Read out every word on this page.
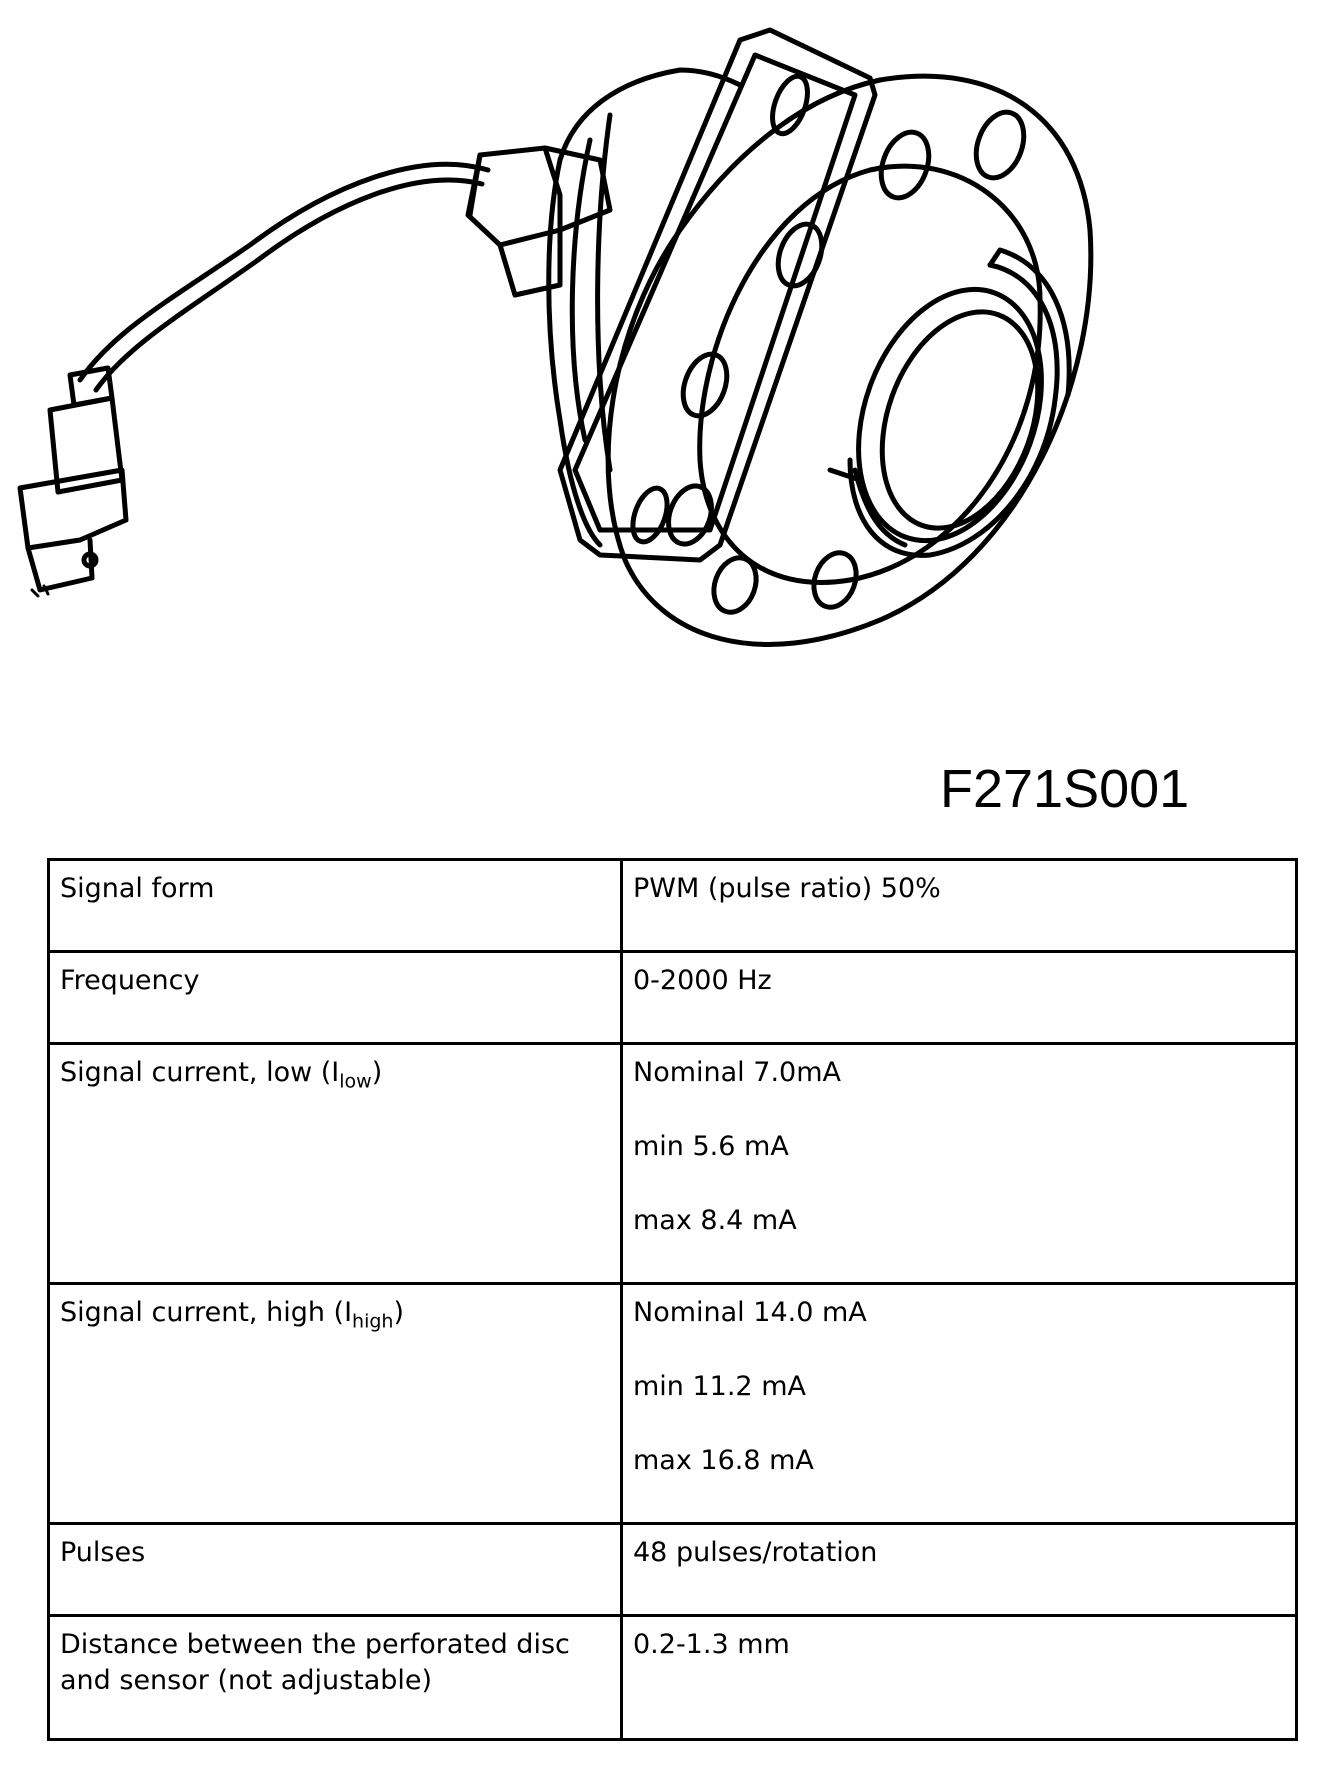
F271S001
Signal form	PWM (pulse ratio) 50%

Frequency	0-2000 Hz

Signal current, low $(I_{low})$	Nominal 7.0mA
min 5.6 mA
max 8.4 mA

Signal current, high $(I_{high})$	Nominal 14.0 mA
min 11.2 mA
max 16.8 mA

Pulses	48 pulses/rotation

Distance between the perforated disc and sensor (not adjustable)	0.2-1.3 mm
